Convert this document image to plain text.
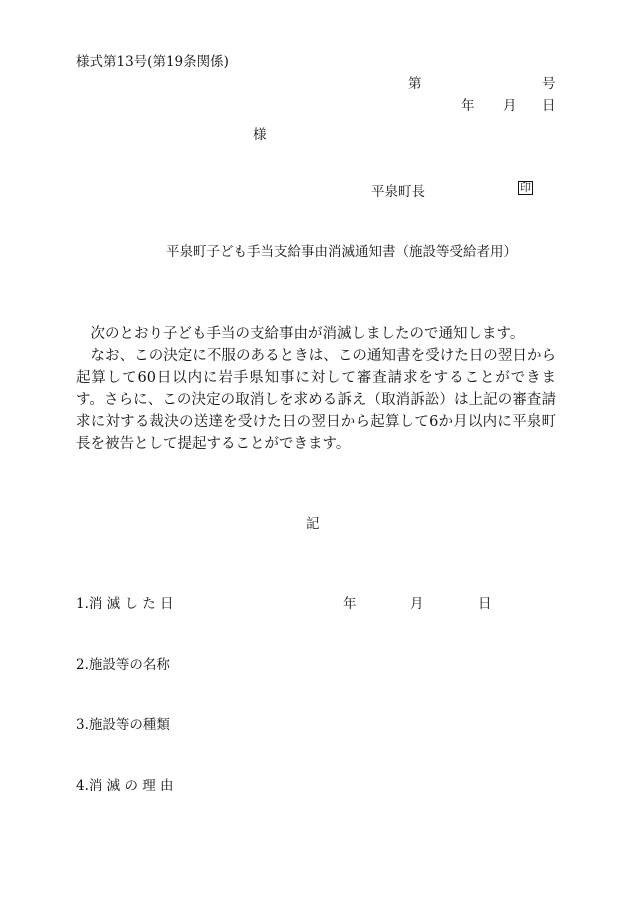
様式第13号(第19条関係)
第	号
年 月 日
様
平泉町長	印
平泉町子ども手当支給事由消滅通知書（施設等受給者用）

次のとおり子ども手当の支給事由が消滅しましたので通知します。

なお、この決定に不服のあるときは、この通知書を受けた日の翌日から起算して60日以内に岩手県知事に対して審査請求をすることができます。さらに、この決定の取消しを求める訴え（取消訴訟）は上記の審査請求に対する裁決の送達を受けた日の翌日から起算して6か月以内に平泉町長を被告として提起することができます。

記
1.消 滅 し た 日	年	月	日
2.施設等の名称
3.施設等の種類
4.消 滅 の 理 由
